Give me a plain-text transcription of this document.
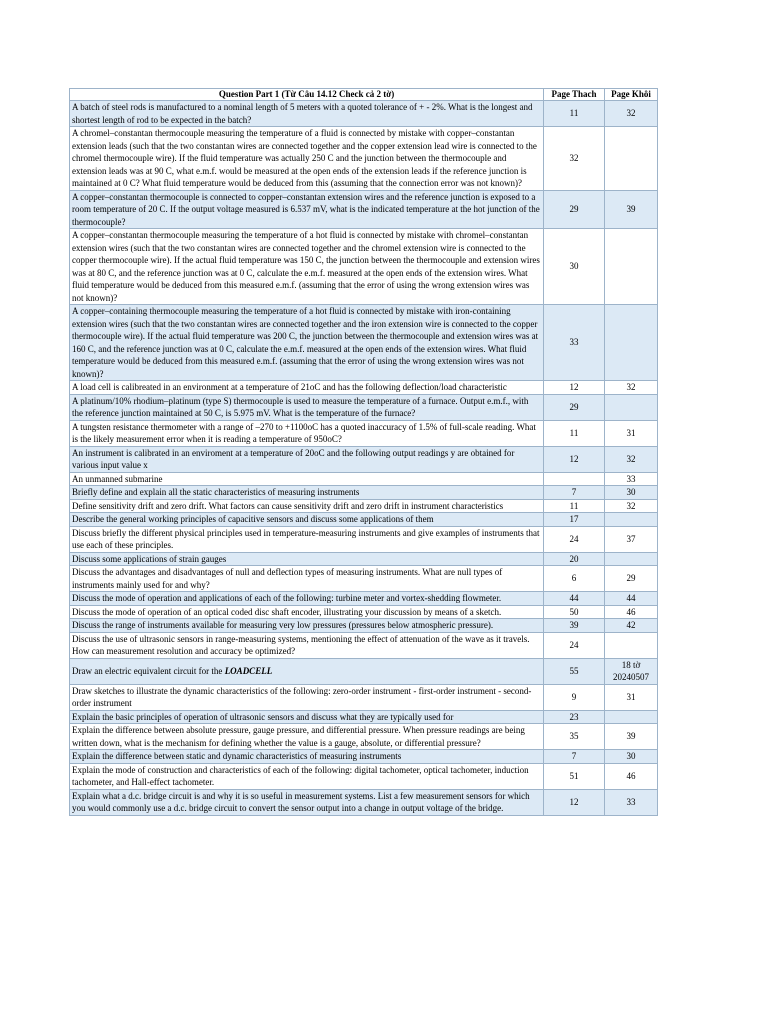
Question Part 1 (Từ Câu 14.12 Check cả 2 tờ)	Page Thach	Page Khôi
A batch of steel rods is manufactured to a nominal length of 5 meters with a quoted tolerance of + - 2%. What is the longest and shortest length of rod to be expected in the batch?	11	32
A chromel–constantan thermocouple measuring the temperature of a fluid is connected by mistake with copper–constantan extension leads (such that the two constantan wires are connected together and the copper extension lead wire is connected to the chromel thermocouple wire). If the fluid temperature was actually 250 C and the junction between the thermocouple and extension leads was at 90 C, what e.m.f. would be measured at the open ends of the extension leads if the reference junction is maintained at 0 C? What fluid temperature would be deduced from this (assuming that the connection error was not known)?	32	
A copper–constantan thermocouple is connected to copper–constantan extension wires and the reference junction is exposed to a room temperature of 20 C. If the output voltage measured is 6.537 mV, what is the indicated temperature at the hot junction of the thermocouple?	29	39
A copper–constantan thermocouple measuring the temperature of a hot fluid is connected by mistake with chromel–constantan extension wires (such that the two constantan wires are connected together and the chromel extension wire is connected to the copper thermocouple wire). If the actual fluid temperature was 150 C, the junction between the thermocouple and extension wires was at 80 C, and the reference junction was at 0 C, calculate the e.m.f. measured at the open ends of the extension wires. What fluid temperature would be deduced from this measured e.m.f. (assuming that the error of using the wrong extension wires was not known)?	30	
A copper–containing thermocouple measuring the temperature of a hot fluid is connected by mistake with iron-containing extension wires (such that the two constantan wires are connected together and the iron extension wire is connected to the copper thermocouple wire). If the actual fluid temperature was 200 C, the junction between the thermocouple and extension wires was at 160 C, and the reference junction was at 0 C, calculate the e.m.f. measured at the open ends of the extension wires. What fluid temperature would be deduced from this measured e.m.f. (assuming that the error of using the wrong extension wires was not known)?	33	
A load cell is calibreated in an environment at a temperature of 21oC and has the following deflection/load characteristic	12	32
A platinum/10% rhodium–platinum (type S) thermocouple is used to measure the temperature of a furnace. Output e.m.f., with the reference junction maintained at 50 C, is 5.975 mV. What is the temperature of the furnace?	29	
A tungsten resistance thermometer with a range of –270 to +1100oC has a quoted inaccuracy of 1.5% of full-scale reading. What is the likely measurement error when it is reading a temperature of 950oC?	11	31
An instrument is calibrated in an enviroment at a temperature of 20oC and the following output readings y are obtained for various input value x	12	32
An unmanned submarine		33
Briefly define and explain all the static characteristics of measuring instruments	7	30
Define sensitivity drift and zero drift. What factors can cause sensitivity drift and zero drift in instrument characteristics	11	32
Describe the general working principles of capacitive sensors and discuss some applications of them	17	
Discuss briefly the different physical principles used in temperature-measuring instruments and give examples of instruments that use each of these principles.	24	37
Discuss some applications of strain gauges	20	
Discuss the advantages and disadvantages of null and deflection types of measuring instruments. What are null types of instruments mainly used for and why?	6	29
Discuss the mode of operation and applications of each of the following: turbine meter and vortex-shedding flowmeter.	44	44
Discuss the mode of operation of an optical coded disc shaft encoder, illustrating your discussion by means of a sketch.	50	46
Discuss the range of instruments available for measuring very low pressures (pressures below atmospheric pressure).	39	42
Discuss the use of ultrasonic sensors in range-measuring systems, mentioning the effect of attenuation of the wave as it travels. How can measurement resolution and accuracy be optimized?	24	
Draw an electric equivalent circuit for the LOADCELL	55	18 tờ 20240507
Draw sketches to illustrate the dynamic characteristics of the following: zero-order instrument - first-order instrument - second-order instrument	9	31
Explain the basic principles of operation of ultrasonic sensors and discuss what they are typically used for	23	
Explain the difference between absolute pressure, gauge pressure, and differential pressure. When pressure readings are being written down, what is the mechanism for defining whether the value is a gauge, absolute, or differential pressure?	35	39
Explain the difference between static and dynamic characteristics of measuring instruments	7	30
Explain the mode of construction and characteristics of each of the following: digital tachometer, optical tachometer, induction tachometer, and Hall-effect tachometer.	51	46
Explain what a d.c. bridge circuit is and why it is so useful in measurement systems. List a few measurement sensors for which you would commonly use a d.c. bridge circuit to convert the sensor output into a change in output voltage of the bridge.	12	33
